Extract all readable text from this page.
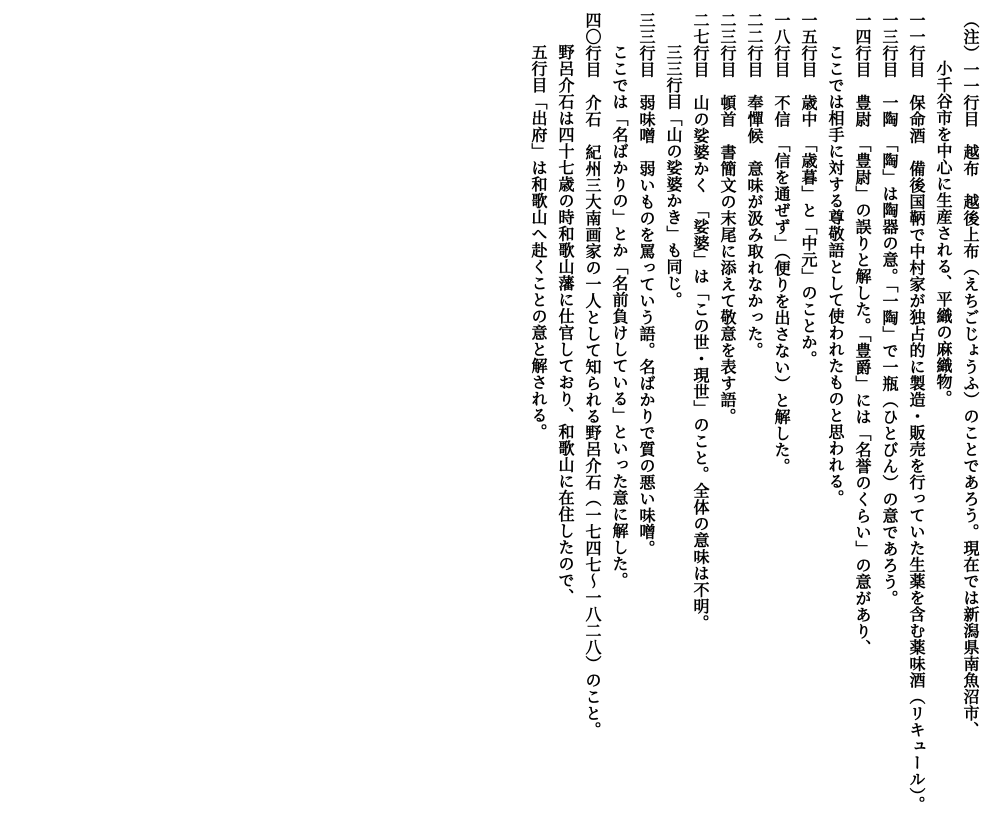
（注）一一行目　越布　越後上布（えちごじょうふ）のことであろう。現在では新潟県南魚沼市、
小千谷市を中心に生産される、平織の麻織物。
一一行目　保命酒　備後国鞆で中村家が独占的に製造・販売を行っていた生薬を含む薬味酒（リキュール）。
一三行目　一陶　「陶」は陶器の意。「一陶」で一瓶（ひとびん）の意であろう。
一四行目　豊尉　「豊尉」の誤りと解した。「豊爵」には「名誉のくらい」の意があり、
ここでは相手に対する尊敬語として使われたものと思われる。
一五行目　歳中　「歳暮」と「中元」のことか。
一八行目　不信　「信を通ぜず」（便りを出さない）と解した。
二二行目　奉憚候　意味が汲み取れなかった。
二三行目　頓首　書簡文の末尾に添えて敬意を表す語。
二七行目　山の娑婆かく　「娑婆」は「この世・現世」のこと。全体の意味は不明。
三三行目「山の娑婆かき」も同じ。
三三行目　弱味噌　弱いものを罵っていう語。名ばかりで質の悪い味噌。
ここでは「名ばかりの」とか「名前負けしている」といった意に解した。
四〇行目　介石　紀州三大南画家の一人として知られる野呂介石（一七四七～一八二八）のこと。
野呂介石は四十七歳の時和歌山藩に仕官しており、和歌山に在住したので、
五行目「出府」は和歌山へ赴くことの意と解される。
